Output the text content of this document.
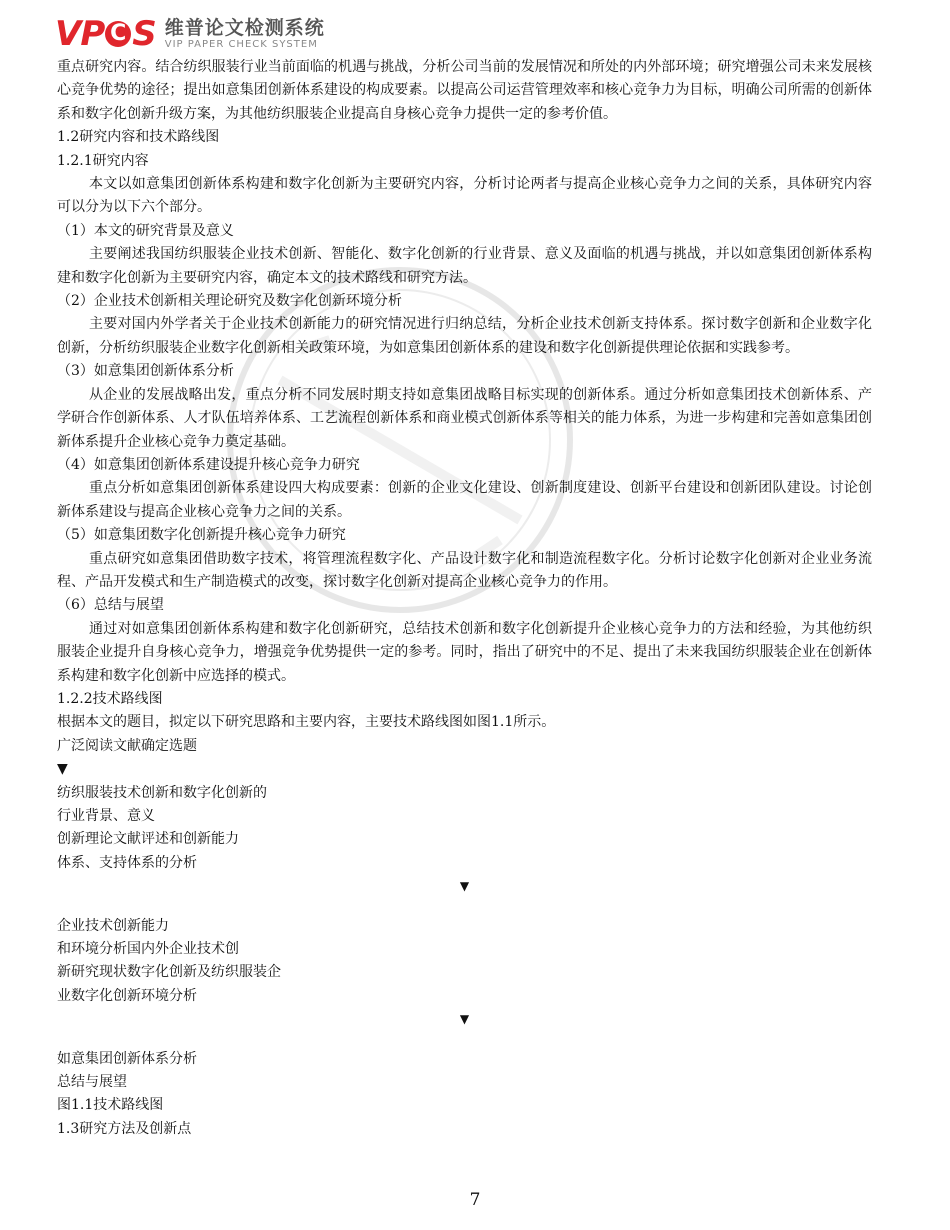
VP C S 维普论文检测系统
VIP PAPER CHECK SYSTEM

重点研究内容。结合纺织服装行业当前面临的机遇与挑战，分析公司当前的发展情况和所处的内外部环境；研究增强公司未来发展核心竞争优势的途径；提出如意集团创新体系建设的构成要素。以提高公司运营管理效率和核心竞争力为目标，明确公司所需的创新体系和数字化创新升级方案，为其他纺织服装企业提高自身核心竞争力提供一定的参考价值。

1.2研究内容和技术路线图

1.2.1研究内容

本文以如意集团创新体系构建和数字化创新为主要研究内容，分析讨论两者与提高企业核心竞争力之间的关系，具体研究内容可以分为以下六个部分。

（1）本文的研究背景及意义

主要阐述我国纺织服装企业技术创新、智能化、数字化创新的行业背景、意义及面临的机遇与挑战，并以如意集团创新体系构建和数字化创新为主要研究内容，确定本文的技术路线和研究方法。

（2）企业技术创新相关理论研究及数字化创新环境分析

主要对国内外学者关于企业技术创新能力的研究情况进行归纳总结，分析企业技术创新支持体系。探讨数字创新和企业数字化创新，分析纺织服装企业数字化创新相关政策环境，为如意集团创新体系的建设和数字化创新提供理论依据和实践参考。

（3）如意集团创新体系分析

从企业的发展战略出发，重点分析不同发展时期支持如意集团战略目标实现的创新体系。通过分析如意集团技术创新体系、产学研合作创新体系、人才队伍培养体系、工艺流程创新体系和商业模式创新体系等相关的能力体系，为进一步构建和完善如意集团创新体系提升企业核心竞争力奠定基础。

（4）如意集团创新体系建设提升核心竞争力研究

重点分析如意集团创新体系建设四大构成要素：创新的企业文化建设、创新制度建设、创新平台建设和创新团队建设。讨论创新体系建设与提高企业核心竞争力之间的关系。

（5）如意集团数字化创新提升核心竞争力研究

重点研究如意集团借助数字技术，将管理流程数字化、产品设计数字化和制造流程数字化。分析讨论数字化创新对企业业务流程、产品开发模式和生产制造模式的改变，探讨数字化创新对提高企业核心竞争力的作用。

（6）总结与展望

通过对如意集团创新体系构建和数字化创新研究，总结技术创新和数字化创新提升企业核心竞争力的方法和经验，为其他纺织服装企业提升自身核心竞争力，增强竞争优势提供一定的参考。同时，指出了研究中的不足、提出了未来我国纺织服装企业在创新体系构建和数字化创新中应选择的模式。

1.2.2技术路线图

根据本文的题目，拟定以下研究思路和主要内容，主要技术路线图如图1.1所示。

广泛阅读文献确定选题

▼

纺织服装技术创新和数字化创新的

行业背景、意义

创新理论文献评述和创新能力

体系、支持体系的分析

▼

企业技术创新能力

和环境分析国内外企业技术创

新研究现状数字化创新及纺织服装企

业数字化创新环境分析

▼

如意集团创新体系分析

总结与展望

图1.1技术路线图

1.3研究方法及创新点

7
